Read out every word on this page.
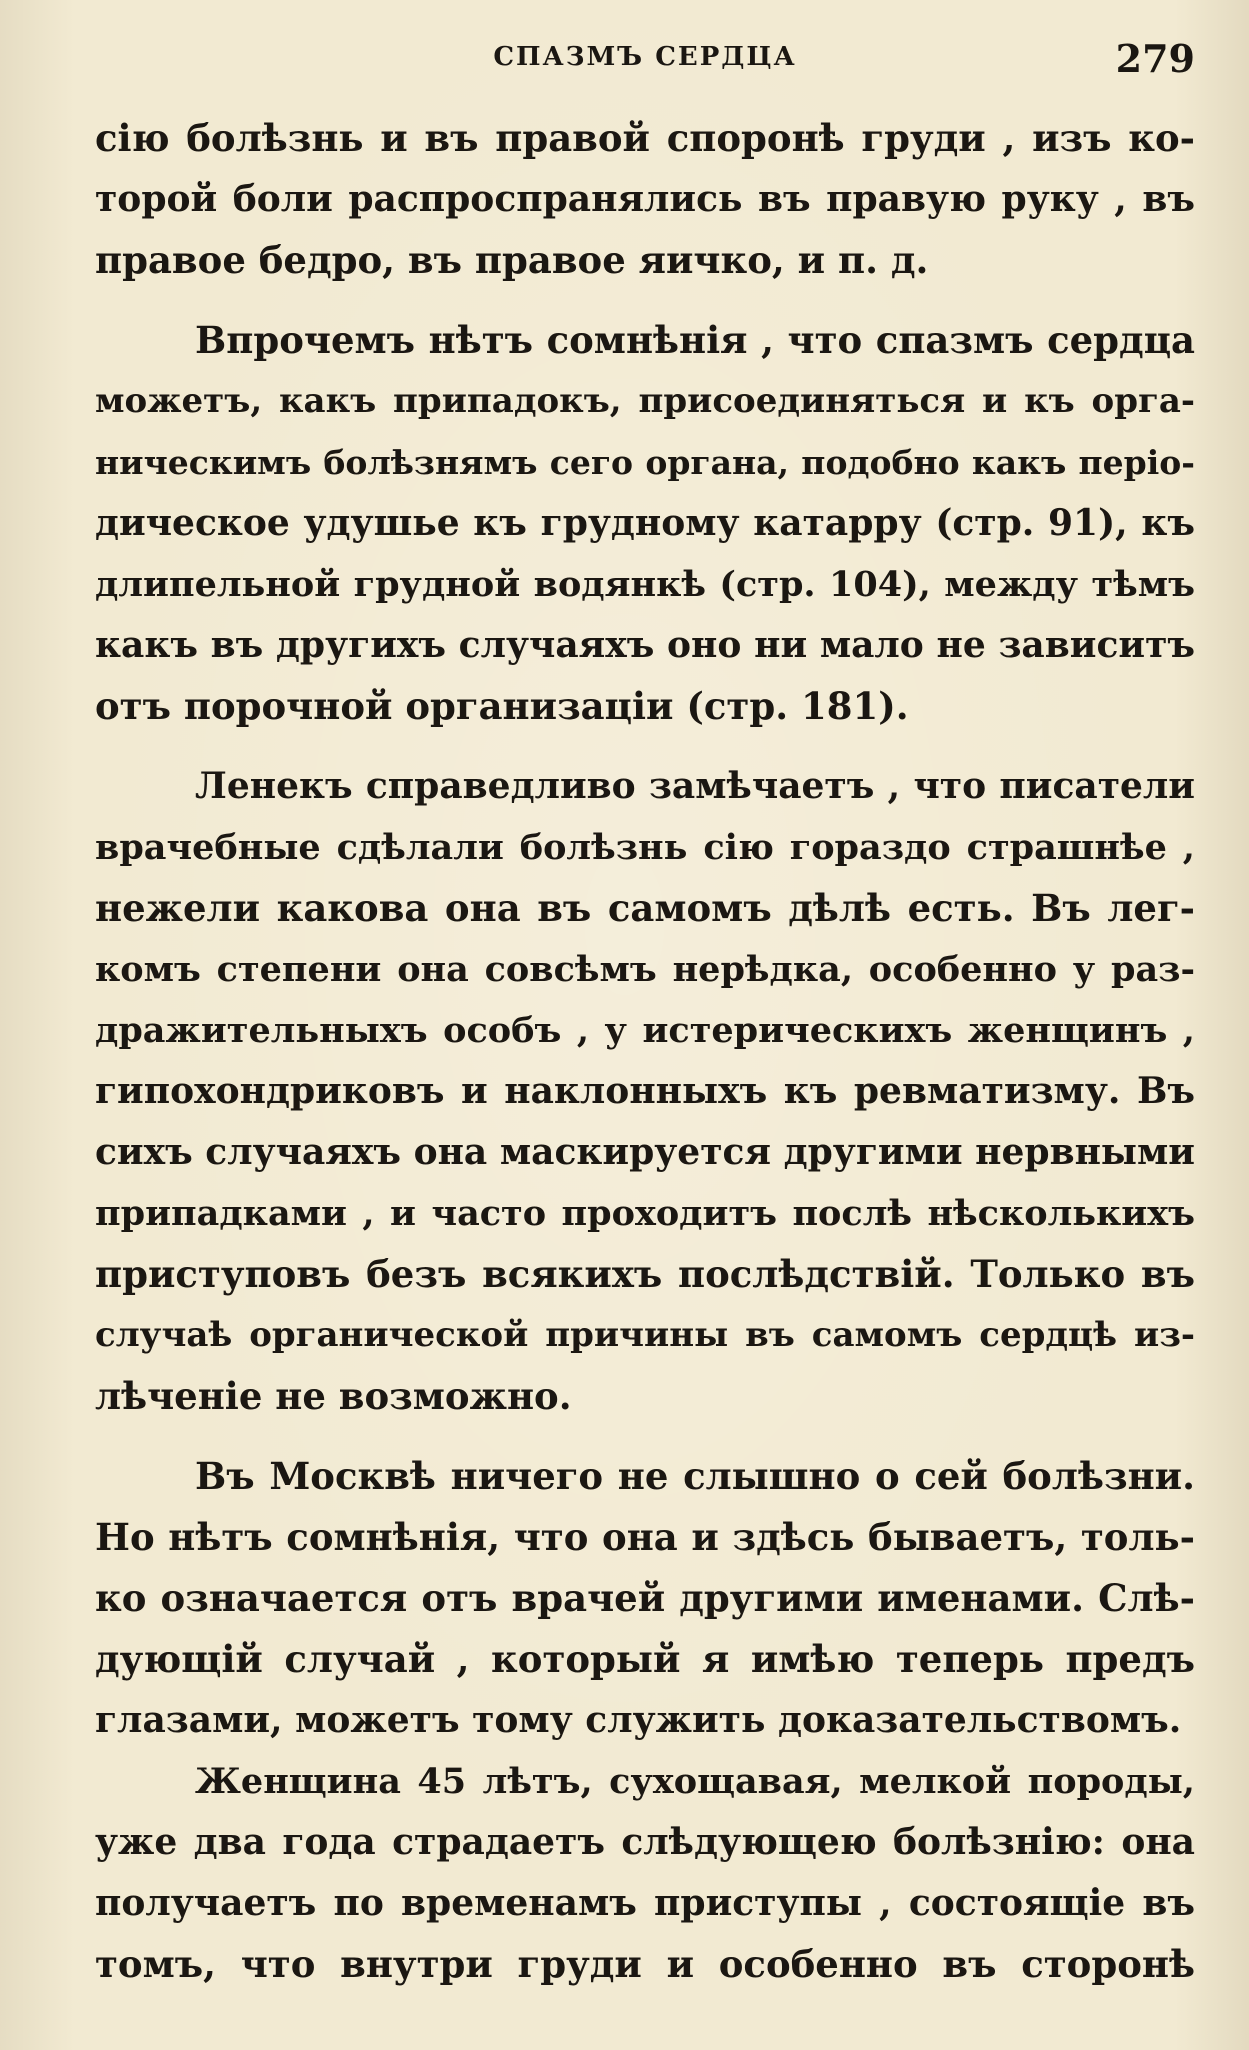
СПАЗМЪ СЕРДЦА	279
сію болѣзнь и въ правой споронѣ груди , изъ ко-
торой боли распроспранялись въ правую руку , въ
правое бедро, въ правое яичко, и п. д.
Впрочемъ нѣтъ сомнѣнія , что спазмъ сердца
можетъ, какъ припадокъ, присоединяться и къ орга-
ническимъ болѣзнямъ сего органа, подобно какъ періо-
дическое удушье къ грудному катарру (стр. 91), къ
длипельной грудной водянкѣ (стр. 104), между тѣмъ
какъ въ другихъ случаяхъ оно ни мало не зависитъ
отъ порочной организаціи (стр. 181).
Ленекъ справедливо замѣчаетъ , что писатели
врачебные сдѣлали болѣзнь сію гораздо страшнѣе ,
нежели какова она въ самомъ дѣлѣ есть. Въ лег-
комъ степени она совсѣмъ нерѣдка, особенно у раз-
дражительныхъ особъ , у истерическихъ женщинъ ,
гипохондриковъ и наклонныхъ къ ревматизму. Въ
сихъ случаяхъ она маскируется другими нервными
припадками , и часто проходитъ послѣ нѣсколькихъ
приступовъ безъ всякихъ послѣдствій. Только въ
случаѣ органической причины въ самомъ сердцѣ из-
лѣченіе не возможно.
Въ Москвѣ ничего не слышно о сей болѣзни.
Но нѣтъ сомнѣнія, что она и здѣсь бываетъ, толь-
ко означается отъ врачей другими именами. Слѣ-
дующій случай , который я имѣю теперь предъ
глазами, можетъ тому служить доказательствомъ.
Женщина 45 лѣтъ, сухощавая, мелкой породы,
уже два года страдаетъ слѣдующею болѣзнію: она
получаетъ по временамъ приступы , состоящіе въ
томъ, что внутри груди и особенно въ сторонѣ
